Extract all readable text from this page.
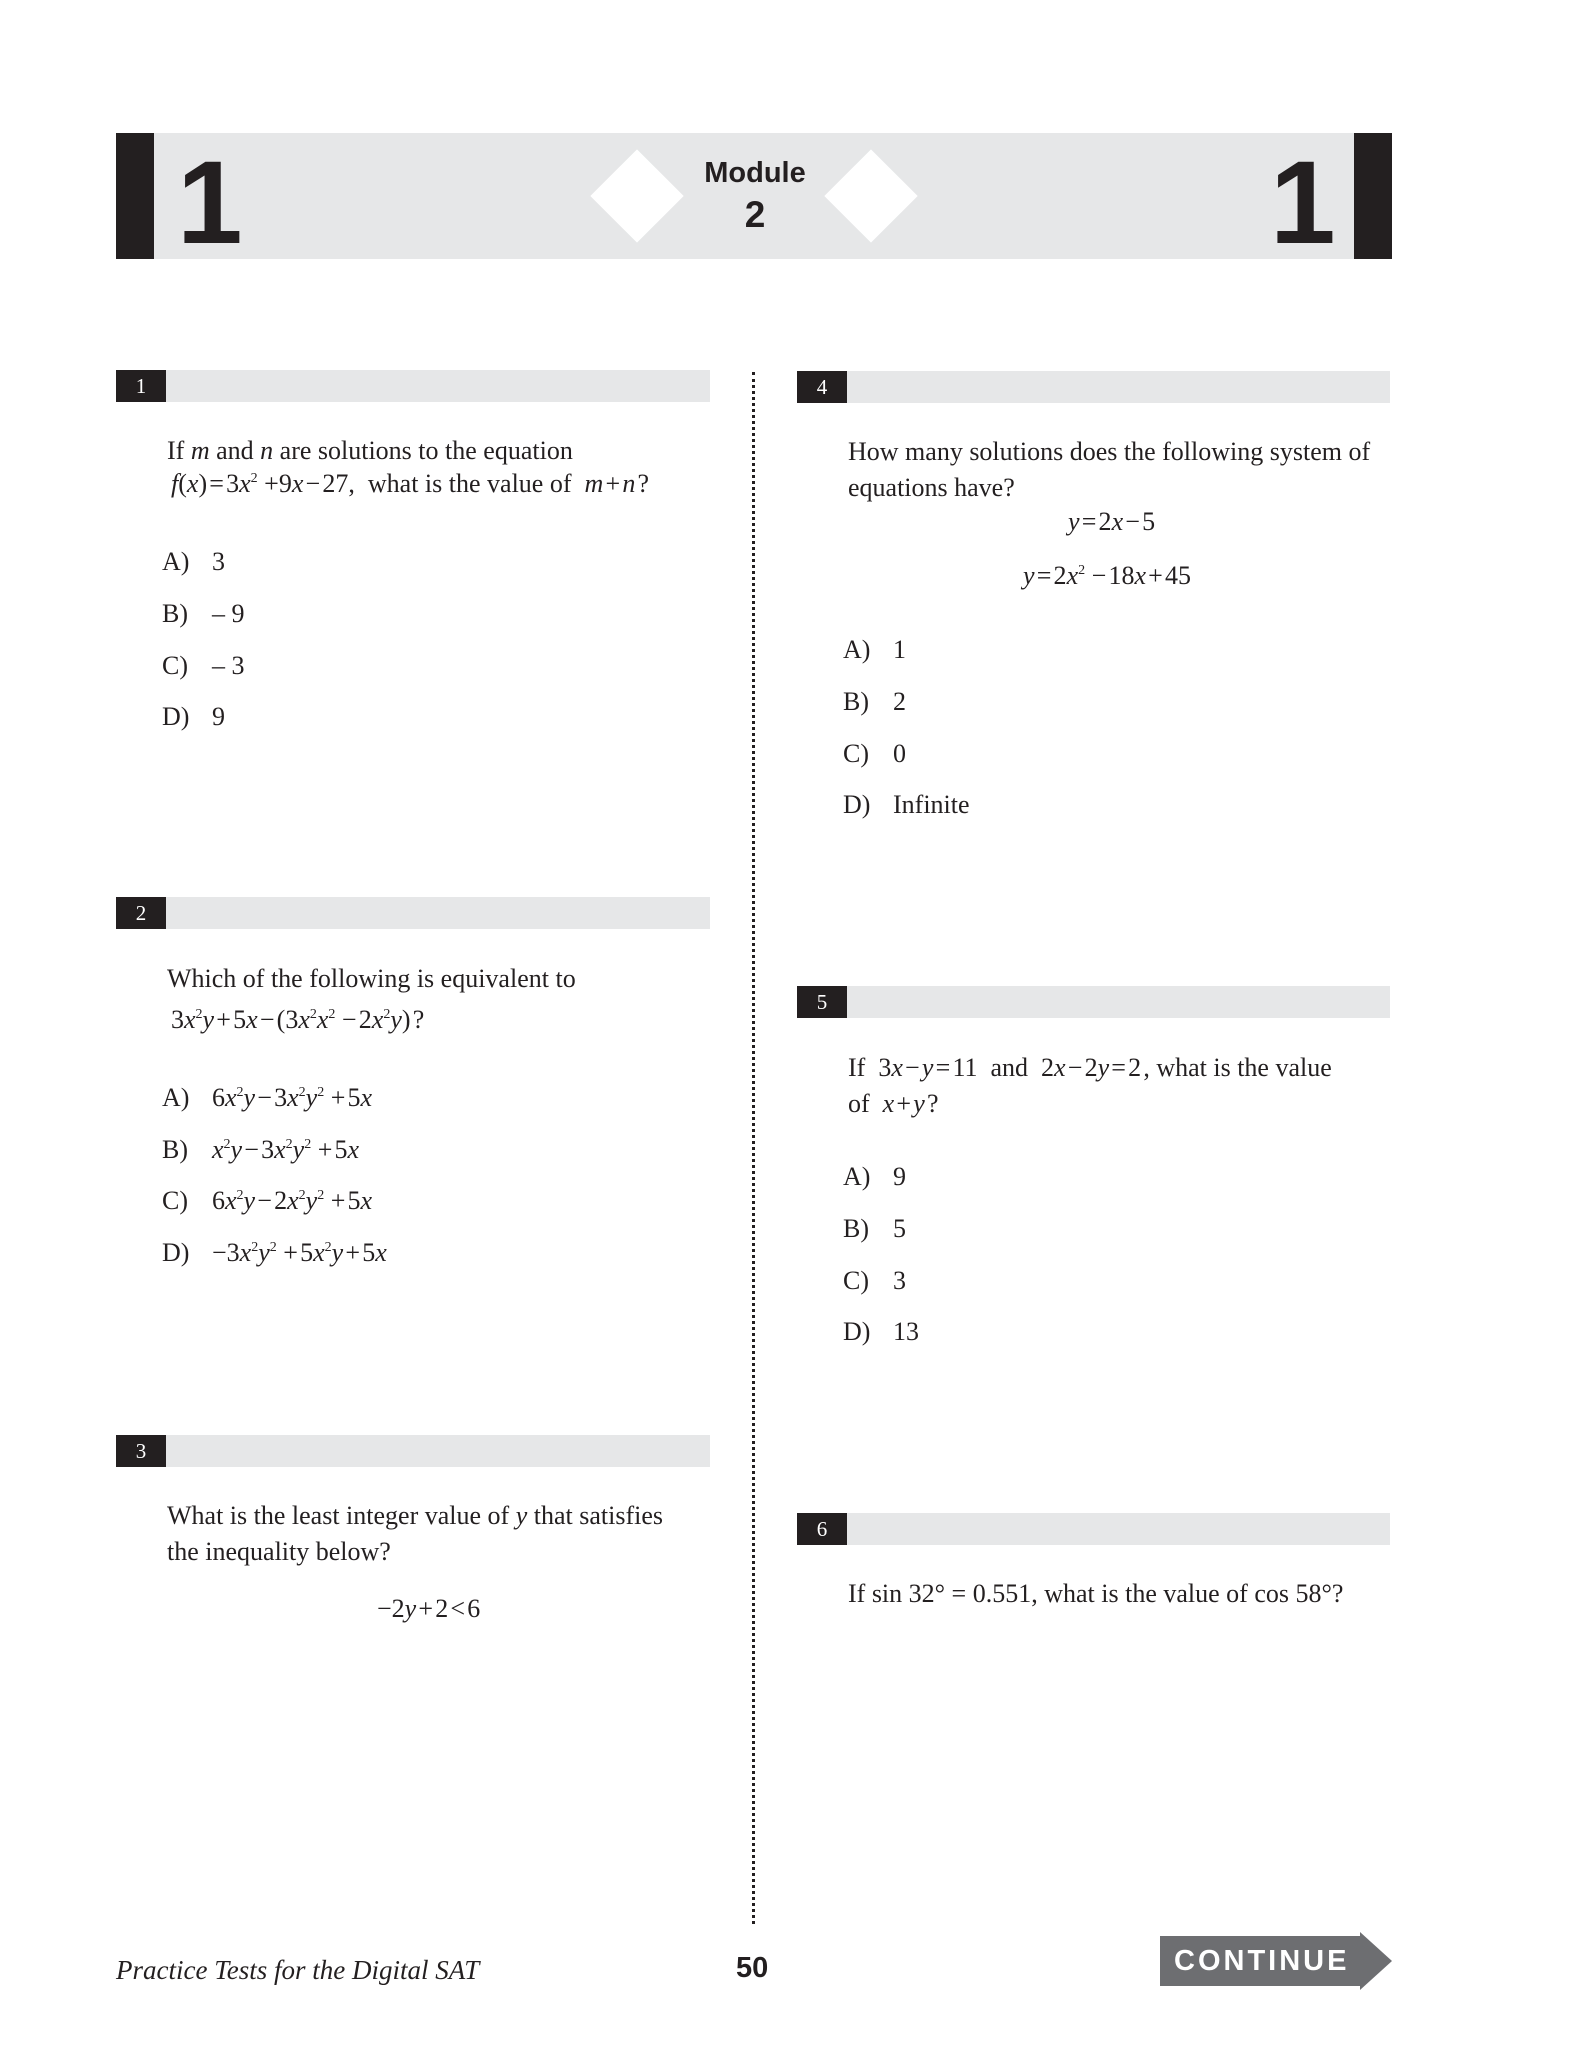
1	1
Module
2
1
If m and n are solutions to the equation
f(x) = $3x^2 +9x$ − 27,  what is the value of  m + n ?
A) 3
B) – 9
C) – 3
D) 9
2
Which of the following is equivalent to
$3x^2y$ + 5x − ($3x^2x^2$ − $2x^2y$) ?
A) $6x^2y$ − $3x^2y^2$ + 5x
B) $x^2y$ − $3x^2y^2$ + 5x
C) $6x^2y$ − $2x^2y^2$ + 5x
$D) -3x^2y^2$ + $5x^2y$ + 5x
3
What is the least integer value of y that satisfies
the inequality below?
−2y + 2 < 6
4
How many solutions does the following system of
equations have?
y = 2x − 5
y = $2x^2$ − 18x + 45
A) 1
B) 2
C) 0
D) Infinite
5
If  3x − y = 11  and  2x − 2y = 2 , what is the value
of  x + y ?
A) 9
B) 5
C) 3
D) 13
6
If sin 32° = 0.551, what is the value of cos 58°?
Practice Tests for the Digital SAT	50	CONTINUE
